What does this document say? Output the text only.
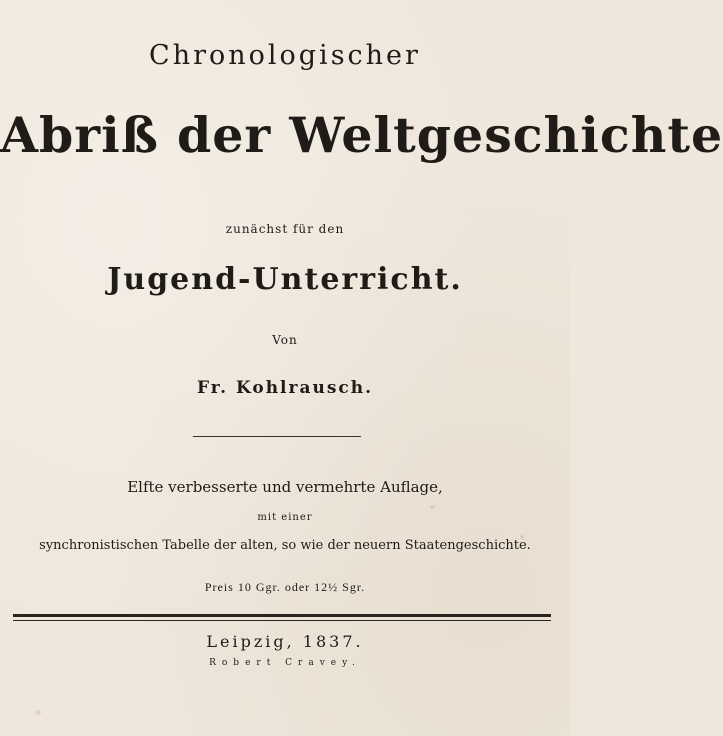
Chronologischer
Abriß der Weltgeschichte
zunächst für den
Jugend-Unterricht.
Von
Fr. Kohlrausch.
Elfte verbesserte und vermehrte Auflage,
mit einer
synchronistischen Tabelle der alten, so wie der neuern Staatengeschichte.
Preis 10 Ggr. oder 12½ Sgr.
Leipzig, 1837.
Robert Cravey.
